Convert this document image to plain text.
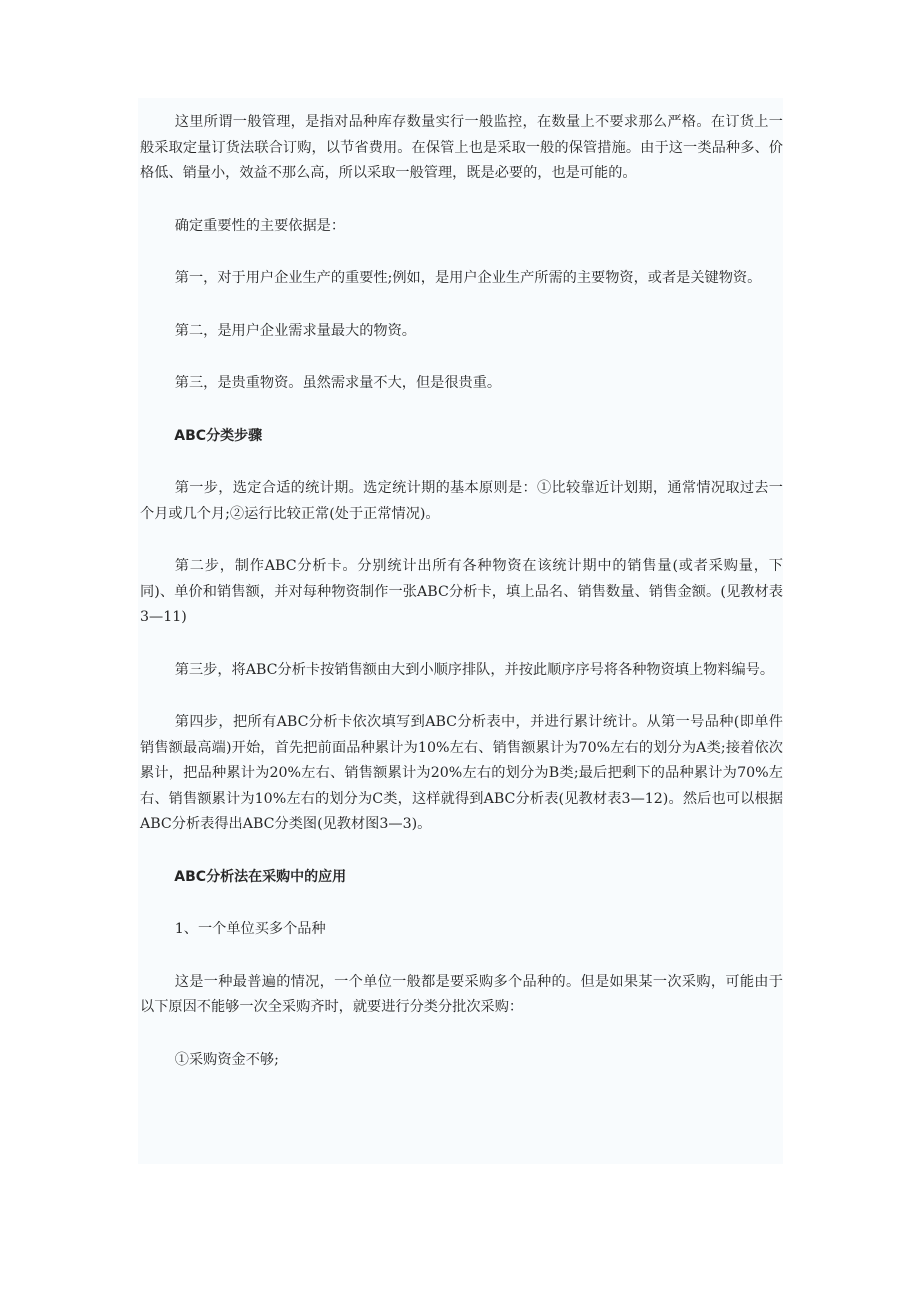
这里所谓一般管理，是指对品种库存数量实行一般监控，在数量上不要求那么严格。在订货上一般采取定量订货法联合订购，以节省费用。在保管上也是采取一般的保管措施。由于这一类品种多、价格低、销量小，效益不那么高，所以采取一般管理，既是必要的，也是可能的。

确定重要性的主要依据是：

第一，对于用户企业生产的重要性;例如，是用户企业生产所需的主要物资，或者是关键物资。

第二，是用户企业需求量最大的物资。

第三，是贵重物资。虽然需求量不大，但是很贵重。

ABC分类步骤

第一步，选定合适的统计期。选定统计期的基本原则是：①比较靠近计划期，通常情况取过去一个月或几个月;②运行比较正常(处于正常情况)。

第二步，制作ABC分析卡。分别统计出所有各种物资在该统计期中的销售量(或者采购量，下同)、单价和销售额，并对每种物资制作一张ABC分析卡，填上品名、销售数量、销售金额。(见教材表3—11)

第三步，将ABC分析卡按销售额由大到小顺序排队，并按此顺序序号将各种物资填上物料编号。

第四步，把所有ABC分析卡依次填写到ABC分析表中，并进行累计统计。从第一号品种(即单件销售额最高端)开始，首先把前面品种累计为10%左右、销售额累计为70%左右的划分为A类;接着依次累计，把品种累计为20%左右、销售额累计为20%左右的划分为B类;最后把剩下的品种累计为70%左右、销售额累计为10%左右的划分为C类，这样就得到ABC分析表(见教材表3—12)。然后也可以根据ABC分析表得出ABC分类图(见教材图3—3)。

ABC分析法在采购中的应用

1、一个单位买多个品种

这是一种最普遍的情况，一个单位一般都是要采购多个品种的。但是如果某一次采购，可能由于以下原因不能够一次全采购齐时，就要进行分类分批次采购：

①采购资金不够;
